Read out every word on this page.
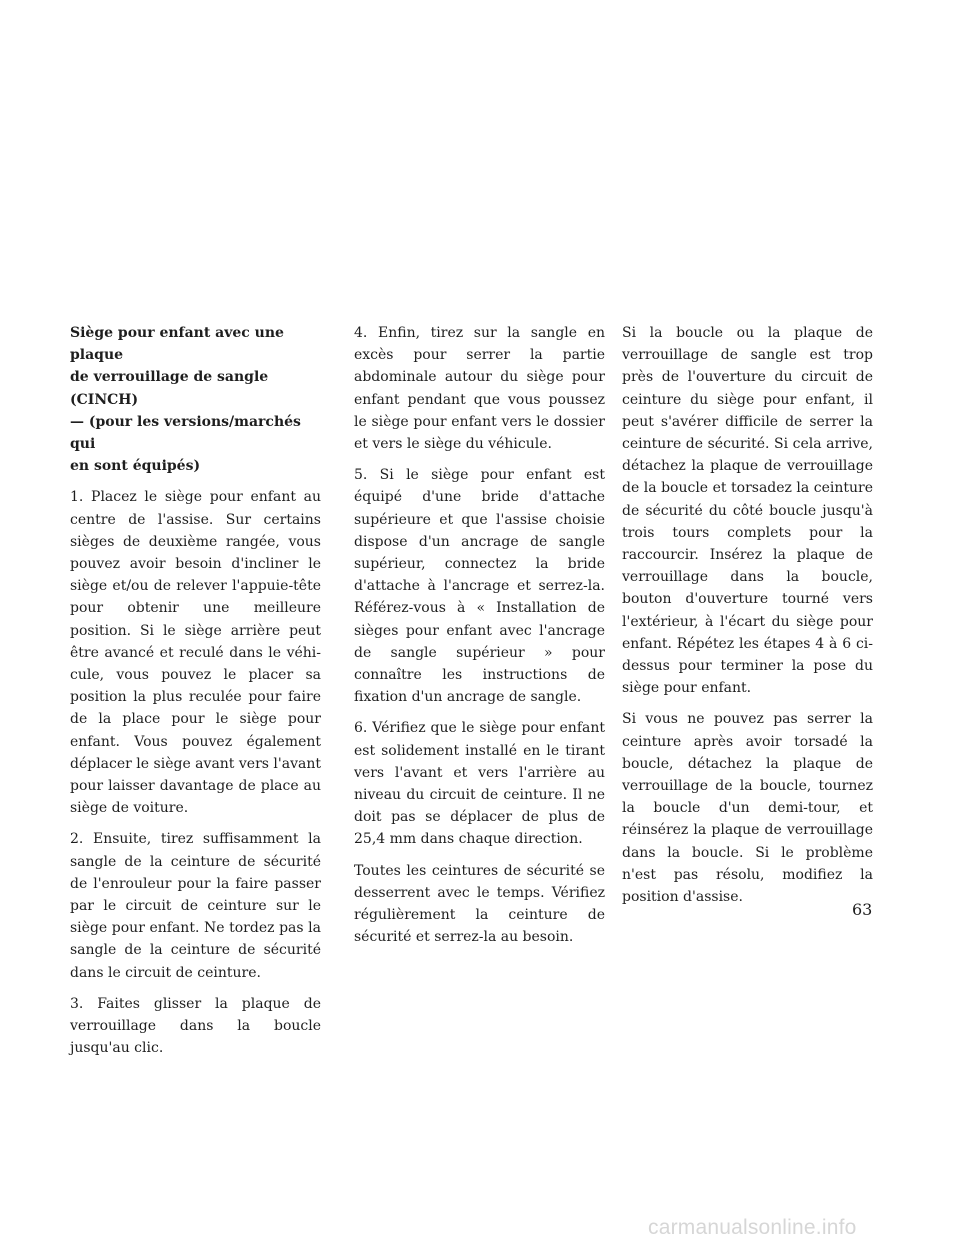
Siège pour enfant avec une plaque
de verrouillage de sangle (CINCH)
— (pour les versions/marchés qui
en sont équipés)

1. Placez le siège pour enfant au centre de l'assise. Sur certains sièges de deuxième rangée, vous pouvez avoir besoin d'incliner le siège et/ou de relever l'appuie-tête pour obtenir une meilleure position. Si le siège arrière peut être avancé et reculé dans le véhicule, vous pouvez le placer sa position la plus reculée pour faire de la place pour le siège pour enfant. Vous pouvez également déplacer le siège avant vers l'avant pour laisser davantage de place au siège de voiture.

2. Ensuite, tirez suffisamment la sangle de la ceinture de sécurité de l'enrouleur pour la faire passer par le circuit de ceinture sur le siège pour enfant. Ne tordez pas la sangle de la ceinture de sécurité dans le circuit de ceinture.

3. Faites glisser la plaque de verrouillage dans la boucle jusqu'au clic.

4. Enfin, tirez sur la sangle en excès pour serrer la partie abdominale autour du siège pour enfant pendant que vous poussez le siège pour enfant vers le dossier et vers le siège du véhicule.

5. Si le siège pour enfant est équipé d'une bride d'attache supérieure et que l'assise choisie dispose d'un ancrage de sangle supérieur, connectez la bride d'attache à l'ancrage et serrez-la. Référez-vous à « Installation de sièges pour enfant avec l'ancrage de sangle supérieur » pour connaître les instructions de fixation d'un ancrage de sangle.

6. Vérifiez que le siège pour enfant est solidement installé en le tirant vers l'avant et vers l'arrière au niveau du circuit de ceinture. Il ne doit pas se déplacer de plus de 25,4 mm dans chaque direction.

Toutes les ceintures de sécurité se desserrent avec le temps. Vérifiez régulièrement la ceinture de sécurité et serrez-la au besoin.

Si la boucle ou la plaque de verrouillage de sangle est trop près de l'ouverture du circuit de ceinture du siège pour enfant, il peut s'avérer difficile de serrer la ceinture de sécurité. Si cela arrive, détachez la plaque de verrouillage de la boucle et torsadez la ceinture de sécurité du côté boucle jusqu'à trois tours complets pour la raccourcir. Insérez la plaque de verrouillage dans la boucle, bouton d'ouverture tourné vers l'extérieur, à l'écart du siège pour enfant. Répétez les étapes 4 à 6 ci-dessus pour terminer la pose du siège pour enfant.

Si vous ne pouvez pas serrer la ceinture après avoir torsadé la boucle, détachez la plaque de verrouillage de la boucle, tournez la boucle d'un demi-tour, et réinsérez la plaque de verrouillage dans la boucle. Si le problème n'est pas résolu, modifiez la position d'assise.

63
carmanualsonline.info
